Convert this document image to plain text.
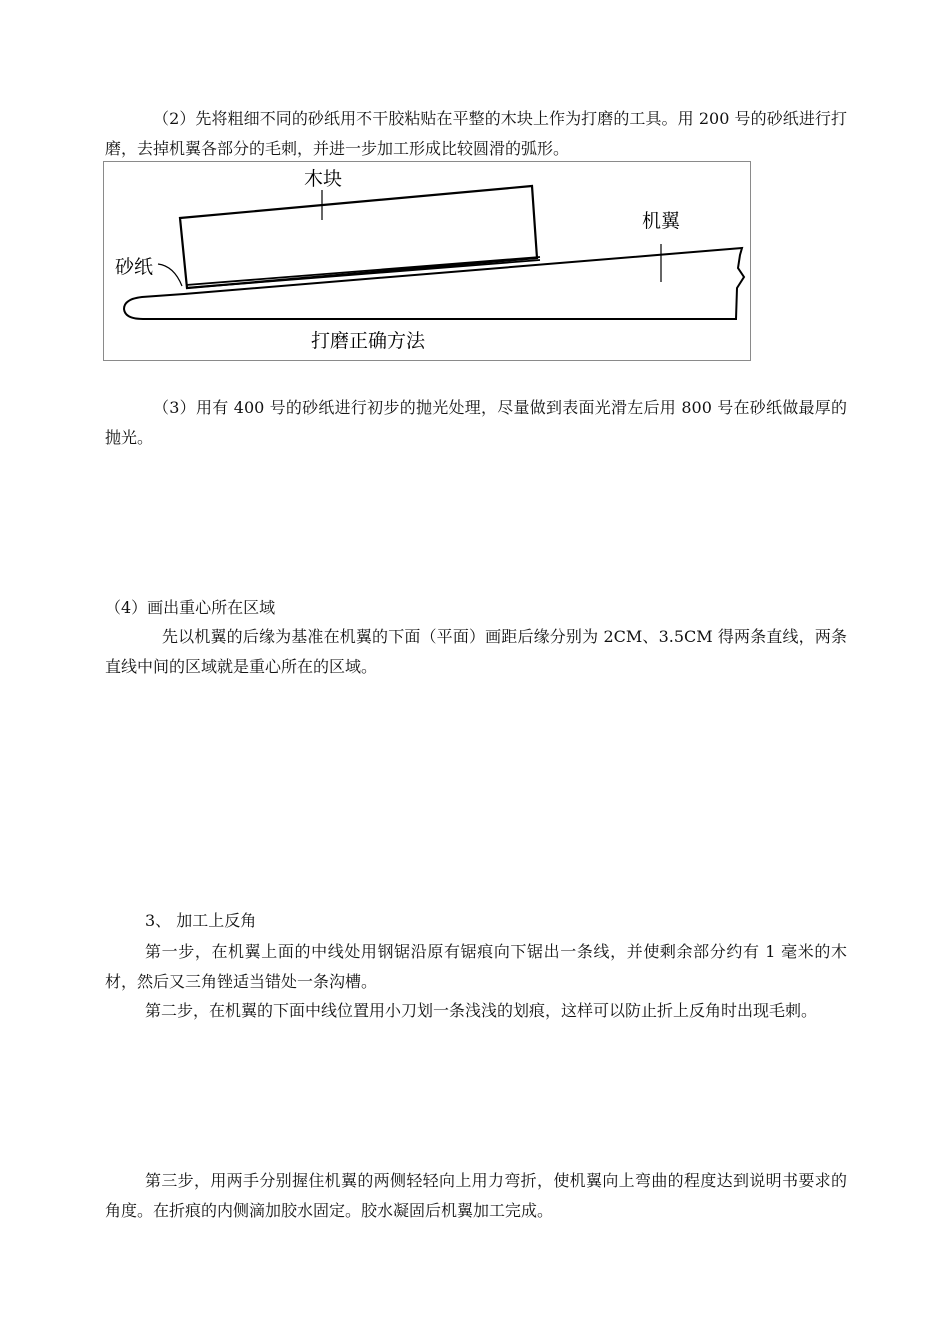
（2）先将粗细不同的砂纸用不干胶粘贴在平整的木块上作为打磨的工具。用 200 号的砂纸进行打磨，去掉机翼各部分的毛刺，并进一步加工形成比较圆滑的弧形。

木块
机翼
砂纸
打磨正确方法

（3）用有 400 号的砂纸进行初步的抛光处理，尽量做到表面光滑左后用 800 号在砂纸做最厚的抛光。

（4）画出重心所在区域

先以机翼的后缘为基准在机翼的下面（平面）画距后缘分别为 2CM、3.5CM 得两条直线，两条直线中间的区域就是重心所在的区域。

3、 加工上反角

第一步，在机翼上面的中线处用钢锯沿原有锯痕向下锯出一条线，并使剩余部分约有 1 毫米的木材，然后又三角锉适当错处一条沟槽。

第二步，在机翼的下面中线位置用小刀划一条浅浅的划痕，这样可以防止折上反角时出现毛刺。

第三步，用两手分别握住机翼的两侧轻轻向上用力弯折，使机翼向上弯曲的程度达到说明书要求的角度。在折痕的内侧滴加胶水固定。胶水凝固后机翼加工完成。
